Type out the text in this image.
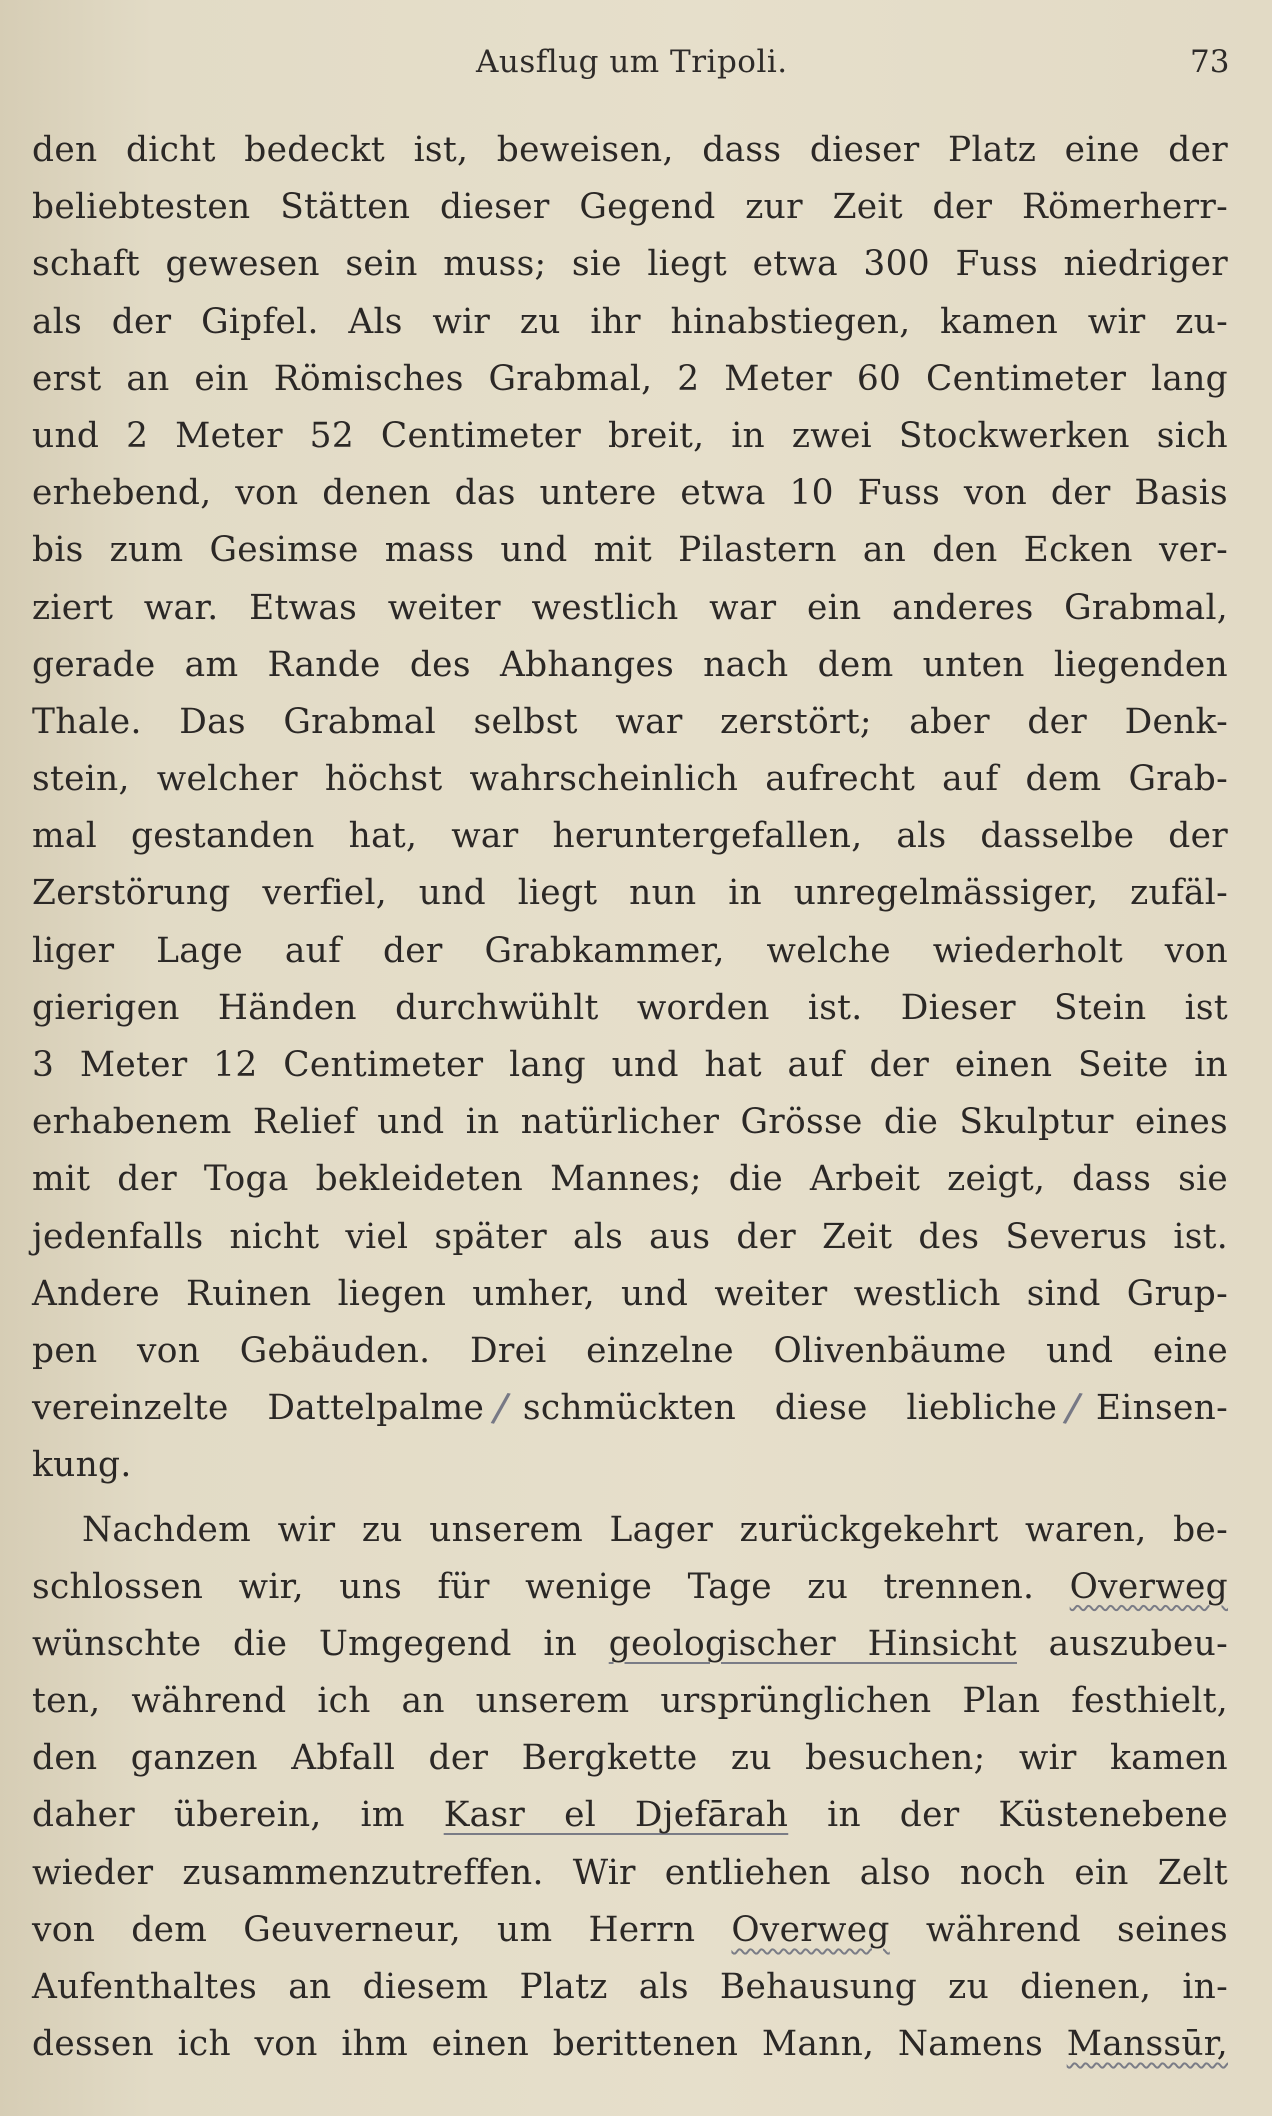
Ausflug um Tripoli.	73
den dicht bedeckt ist, beweisen, dass dieser Platz eine der
beliebtesten Stätten dieser Gegend zur Zeit der Römerherr-
schaft gewesen sein muss; sie liegt etwa 300 Fuss niedriger
als der Gipfel. Als wir zu ihr hinabstiegen, kamen wir zu-
erst an ein Römisches Grabmal, 2 Meter 60 Centimeter lang
und 2 Meter 52 Centimeter breit, in zwei Stockwerken sich
erhebend, von denen das untere etwa 10 Fuss von der Basis
bis zum Gesimse mass und mit Pilastern an den Ecken ver-
ziert war. Etwas weiter westlich war ein anderes Grabmal,
gerade am Rande des Abhanges nach dem unten liegenden
Thale. Das Grabmal selbst war zerstört; aber der Denk-
stein, welcher höchst wahrscheinlich aufrecht auf dem Grab-
mal gestanden hat, war heruntergefallen, als dasselbe der
Zerstörung verfiel, und liegt nun in unregelmässiger, zufäl-
liger Lage auf der Grabkammer, welche wiederholt von
gierigen Händen durchwühlt worden ist. Dieser Stein ist
3 Meter 12 Centimeter lang und hat auf der einen Seite in
erhabenem Relief und in natürlicher Grösse die Skulptur eines
mit der Toga bekleideten Mannes; die Arbeit zeigt, dass sie
jedenfalls nicht viel später als aus der Zeit des Severus ist.
Andere Ruinen liegen umher, und weiter westlich sind Grup-
pen von Gebäuden. Drei einzelne Olivenbäume und eine
vereinzelte Dattelpalme schmückten diese liebliche Einsen-
kung.
Nachdem wir zu unserem Lager zurückgekehrt waren, be-
schlossen wir, uns für wenige Tage zu trennen. Overweg
wünschte die Umgegend in geologischer Hinsicht auszubeu-
ten, während ich an unserem ursprünglichen Plan festhielt,
den ganzen Abfall der Bergkette zu besuchen; wir kamen
daher überein, im Kasr el Djefārah in der Küstenebene
wieder zusammenzutreffen. Wir entliehen also noch ein Zelt
von dem Geuverneur, um Herrn Overweg während seines
Aufenthaltes an diesem Platz als Behausung zu dienen, in-
dessen ich von ihm einen berittenen Mann, Namens Manssūr,
/	/
